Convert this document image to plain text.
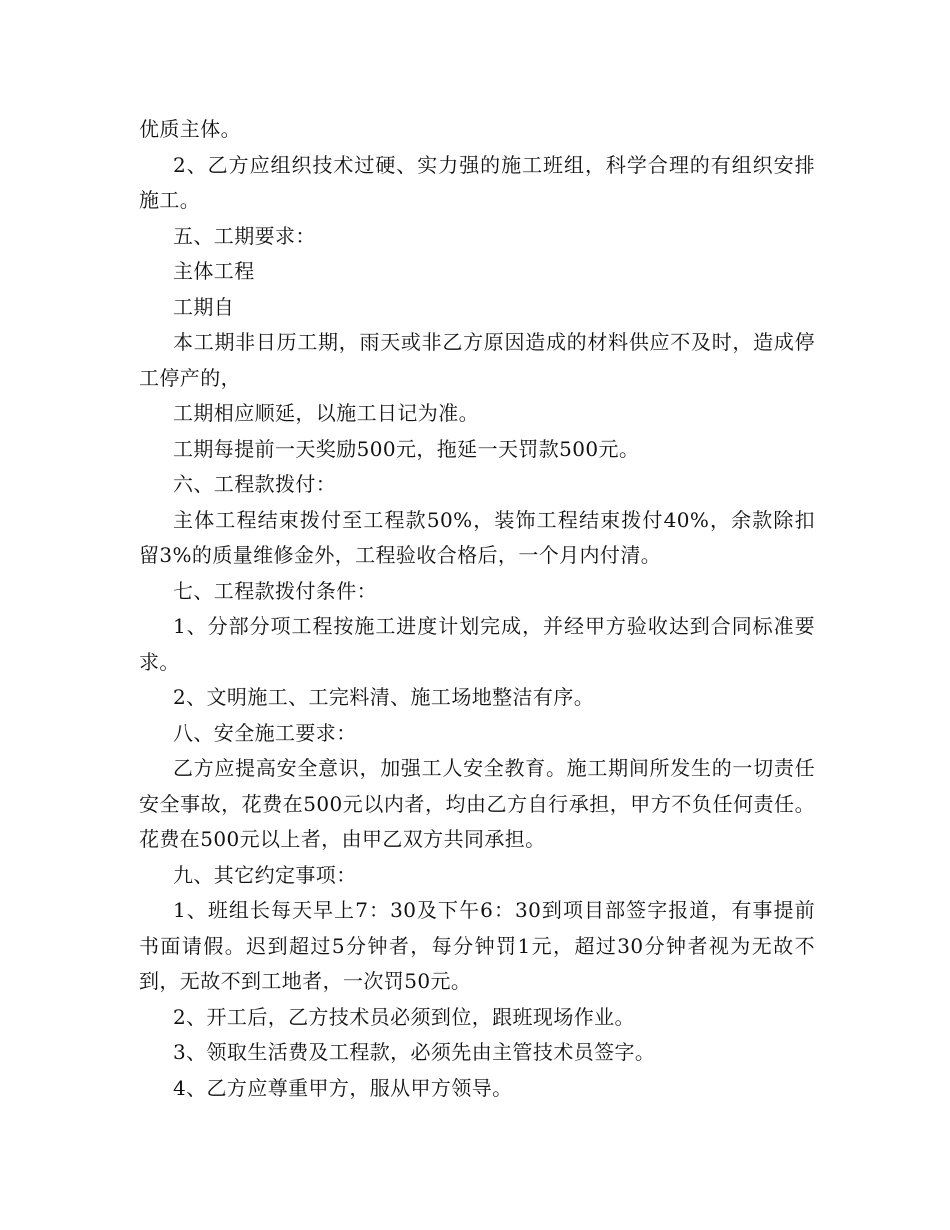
优质主体。

2、乙方应组织技术过硬、实力强的施工班组，科学合理的有组织安排施工。

五、工期要求：

主体工程

工期自

本工期非日历工期，雨天或非乙方原因造成的材料供应不及时，造成停工停产的，

工期相应顺延，以施工日记为准。

工期每提前一天奖励500元，拖延一天罚款500元。

六、工程款拨付：

主体工程结束拨付至工程款50%，装饰工程结束拨付40%，余款除扣留3%的质量维修金外，工程验收合格后，一个月内付清。

七、工程款拨付条件：

1、分部分项工程按施工进度计划完成，并经甲方验收达到合同标准要求。

2、文明施工、工完料清、施工场地整洁有序。

八、安全施工要求：

乙方应提高安全意识，加强工人安全教育。施工期间所发生的一切责任安全事故，花费在500元以内者，均由乙方自行承担，甲方不负任何责任。花费在500元以上者，由甲乙双方共同承担。

九、其它约定事项：

1、班组长每天早上7：30及下午6：30到项目部签字报道，有事提前书面请假。迟到超过5分钟者，每分钟罚1元，超过30分钟者视为无故不到，无故不到工地者，一次罚50元。

2、开工后，乙方技术员必须到位，跟班现场作业。

3、领取生活费及工程款，必须先由主管技术员签字。

4、乙方应尊重甲方，服从甲方领导。
